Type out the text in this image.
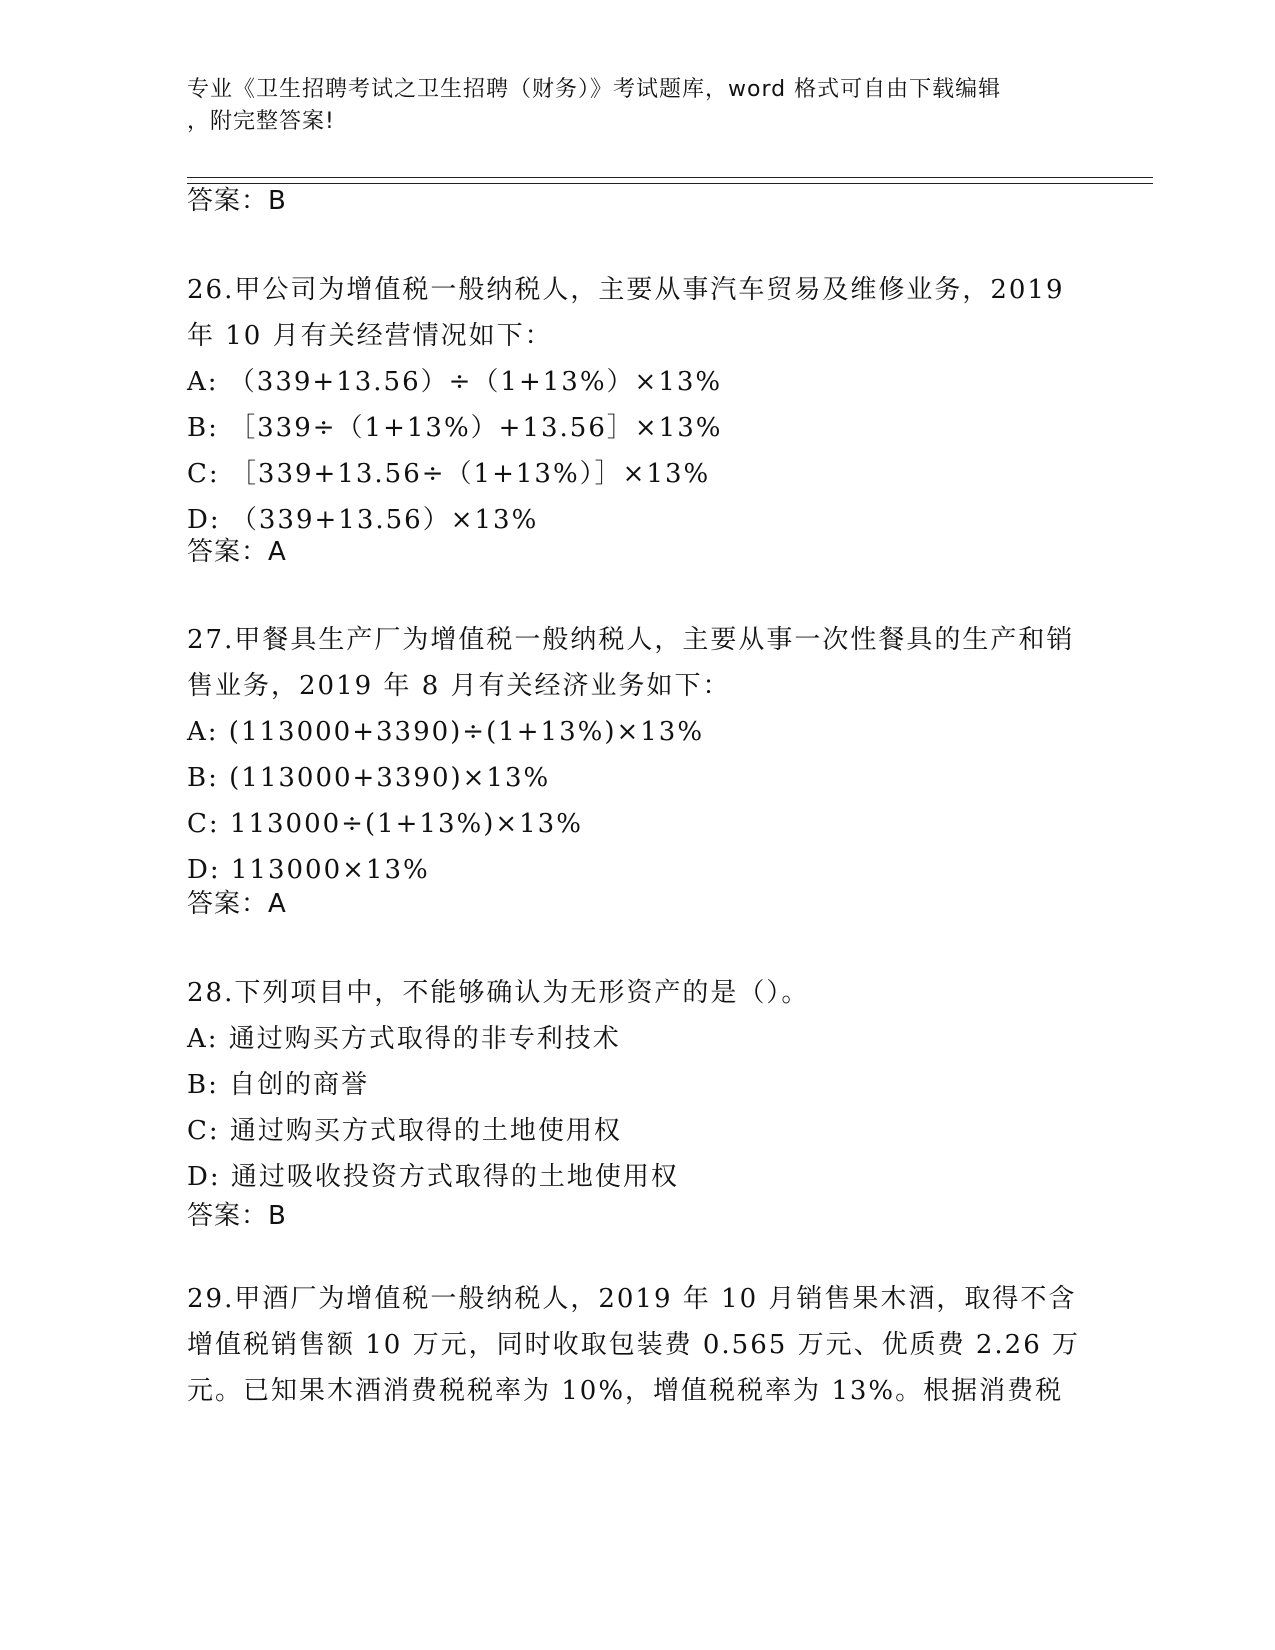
专业《卫生招聘考试之卫生招聘（财务）》考试题库，word 格式可自由下载编辑
，附完整答案!
答案：B
26.甲公司为增值税一般纳税人，主要从事汽车贸易及维修业务，2019 年 10 月有关经营情况如下：
A: （339+13.56）÷（1+13%）×13%
B: ［339÷（1+13%）+13.56］×13%
C: ［339+13.56÷（1+13%）］×13%
D: （339+13.56）×13%
答案：A
27.甲餐具生产厂为增值税一般纳税人，主要从事一次性餐具的生产和销售业务，2019 年 8 月有关经济业务如下：
A: (113000+3390)÷(1+13%)×13%
B: (113000+3390)×13%
C: 113000÷(1+13%)×13%
D: 113000×13%
答案：A
28.下列项目中，不能够确认为无形资产的是（）。
A: 通过购买方式取得的非专利技术
B: 自创的商誉
C: 通过购买方式取得的土地使用权
D: 通过吸收投资方式取得的土地使用权
答案：B
29.甲酒厂为增值税一般纳税人，2019 年 10 月销售果木酒，取得不含增值税销售额 10 万元，同时收取包装费 0.565 万元、优质费 2.26 万元。已知果木酒消费税税率为 10%，增值税税率为 13%。根据消费税
